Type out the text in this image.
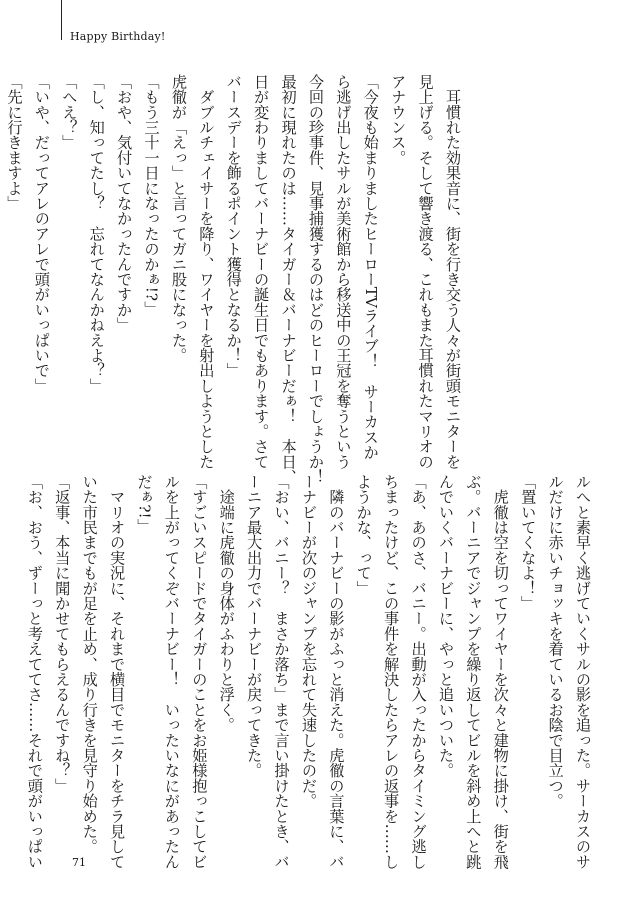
Happy Birthday!

　耳慣れた効果音に、街を行き交う人々が街頭モニターを

見上げる。そして響き渡る、これもまた耳慣れたマリオの

アナウンス。

「今夜も始まりましたヒーローTVライブ！　サーカスか

ら逃げ出したサルが美術館から移送中の王冠を奪うという

今回の珍事件、見事捕獲するのはどのヒーローでしょうか！

最初に現れたのは……タイガー＆バーナビーだぁ！　本日、

日が変わりましてバーナビーの誕生日でもあります。さて

バースデーを飾るポイント獲得となるか！」

　ダブルチェイサーを降り、ワイヤーを射出しようとした

虎徹が「えっ」と言ってガニ股になった。

「もう三十一日になったのかぁ!?」

「おや、気付いてなかったんですか」

「し、知ってたし？　忘れてなんかねえよ？」

「へえ？」

「いや、だってアレのアレで頭がいっぱいで」

「先に行きますよ」

ルへと素早く逃げていくサルの影を追った。サーカスのサ

ルだけに赤いチョッキを着ているお陰で目立つ。

「置いてくなよ！」

　虎徹は空を切ってワイヤーを次々と建物に掛け、街を飛

ぶ。バーニアでジャンプを繰り返してビルを斜め上へと跳

んでいくバーナビーに、やっと追いついた。

「あ、あのさ、バニー。出動が入ったからタイミング逃し

ちまったけど、この事件を解決したらアレの返事を……し

ようかな、って」

　隣のバーナビーの影がふっと消えた。虎徹の言葉に、バ

ーナビーが次のジャンプを忘れて失速したのだ。

「おい、バニー？　まさか落ち」まで言い掛けたとき、バ

ーニア最大出力でバーナビーが戻ってきた。

　途端に虎徹の身体がふわりと浮く。

「すごいスピードでタイガーのことをお姫様抱っこしてビ

ルを上がってくぞバーナビー！　いったいなにがあったん

だぁ?!」

　マリオの実況に、それまで横目でモニターをチラ見して

いた市民までもが足を止め、成り行きを見守り始めた。

「返事、本当に聞かせてもらえるんですね？」

「お、おう、ずーっと考えててさ……それで頭がいっぱい	71
